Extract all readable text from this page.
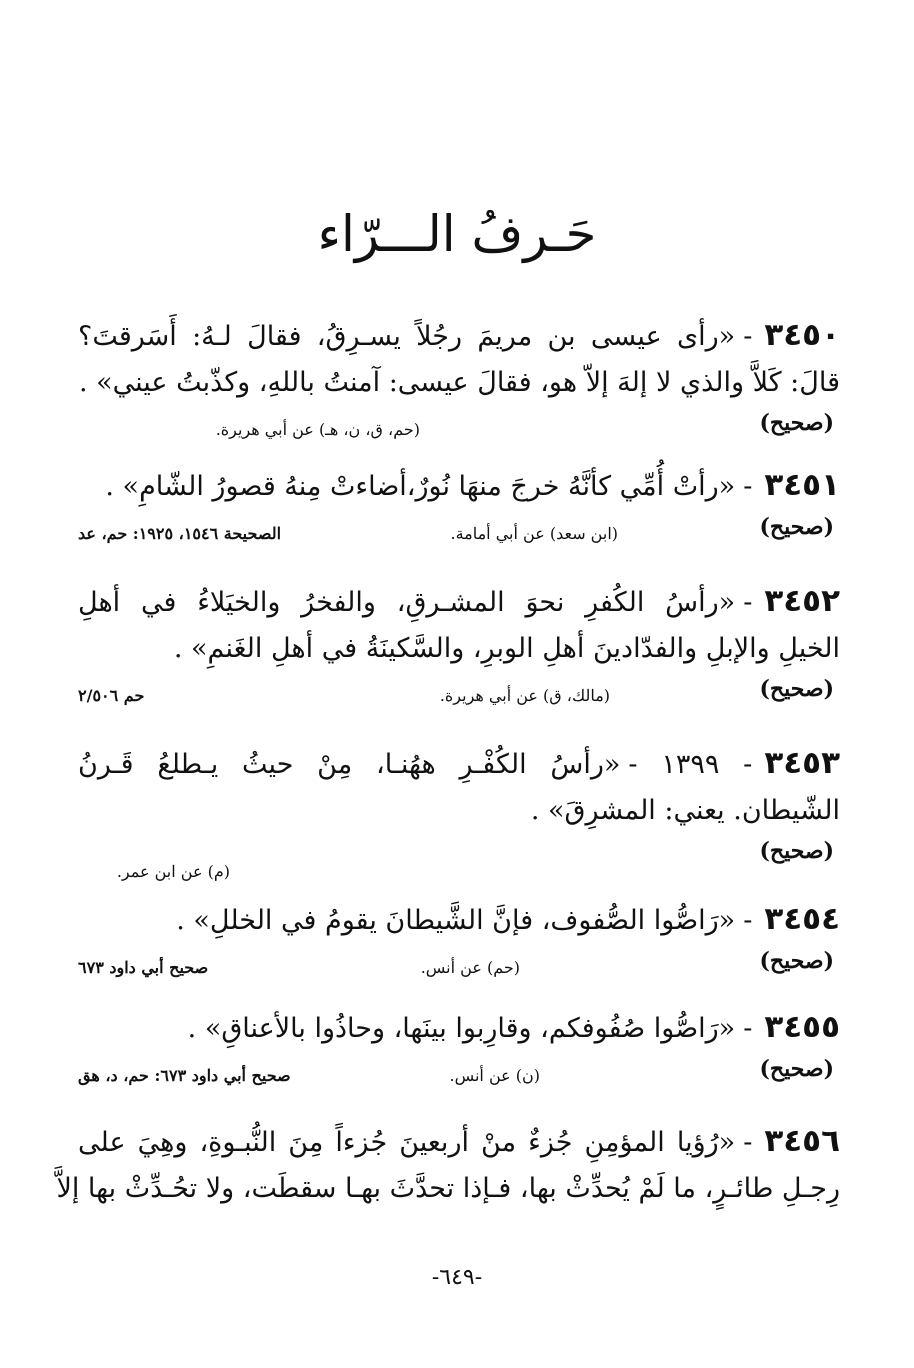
حَـرفُ الـــرّاء
٣٤٥٠-«رأى عيسى بن مريمَ رجُلاً يسـرِقُ، فقالَ لـهُ: أَسَرقتَ؟
قالَ: كَلاَّ والذي لا إلهَ إلاّ هو، فقالَ عيسى: آمنتُ باللهِ، وكذّبتُ عيني» .
(صحيح)
(حم، ق، ن، هـ) عن أبي هريرة.
٣٤٥١-«رأتْ أُمِّي كأنَّهُ خرجَ منهَا نُورٌ،أضاءتْ مِنهُ قصورُ الشّامِ» .
(صحيح)
(ابن سعد) عن أبي أمامة.
الصحيحة ١٥٤٦، ١٩٢٥: حم، عد
٣٤٥٢-«رأسُ الكُفرِ نحوَ المشـرقِ، والفخرُ والخيَلاءُ في أهلِ
الخيلِ والإبلِ والفدّادينَ أهلِ الوبرِ، والسَّكينَةُ في أهلِ الغَنمِ» .
(صحيح)
(مالك، ق) عن أبي هريرة.
حم ٢/٥٠٦
٣٤٥٣- ١٣٩٩ -«رأسُ الكُفْـرِ ههُنـا، مِنْ حيثُ يـطلعُ قَـرنُ
الشّيطان. يعني: المشرِقَ» .
(صحيح)
(م) عن ابن عمر.
٣٤٥٤-«رَاصُّوا الصُّفوف، فإنَّ الشَّيطانَ يقومُ في الخللِ» .
(صحيح)
(حم) عن أنس.
صحيح أبي داود ٦٧٣
٣٤٥٥-«رَاصُّوا صُفُوفكم، وقارِبوا بينَها، وحاذُوا بالأعناقِ» .
(صحيح)
(ن) عن أنس.
صحيح أبي داود ٦٧٣: حم، د، هق
٣٤٥٦-«رُؤيا المؤمِنِ جُزءٌ منْ أربعينَ جُزءاً مِنَ النُّبـوةِ، وهِيَ على
رِجـلِ طائـرٍ، ما لَمْ يُحدِّثْ بها، فـإذا تحدَّثَ بهـا سقطَت، ولا تحُـدِّثْ بها إلاَّ
-٦٤٩-
